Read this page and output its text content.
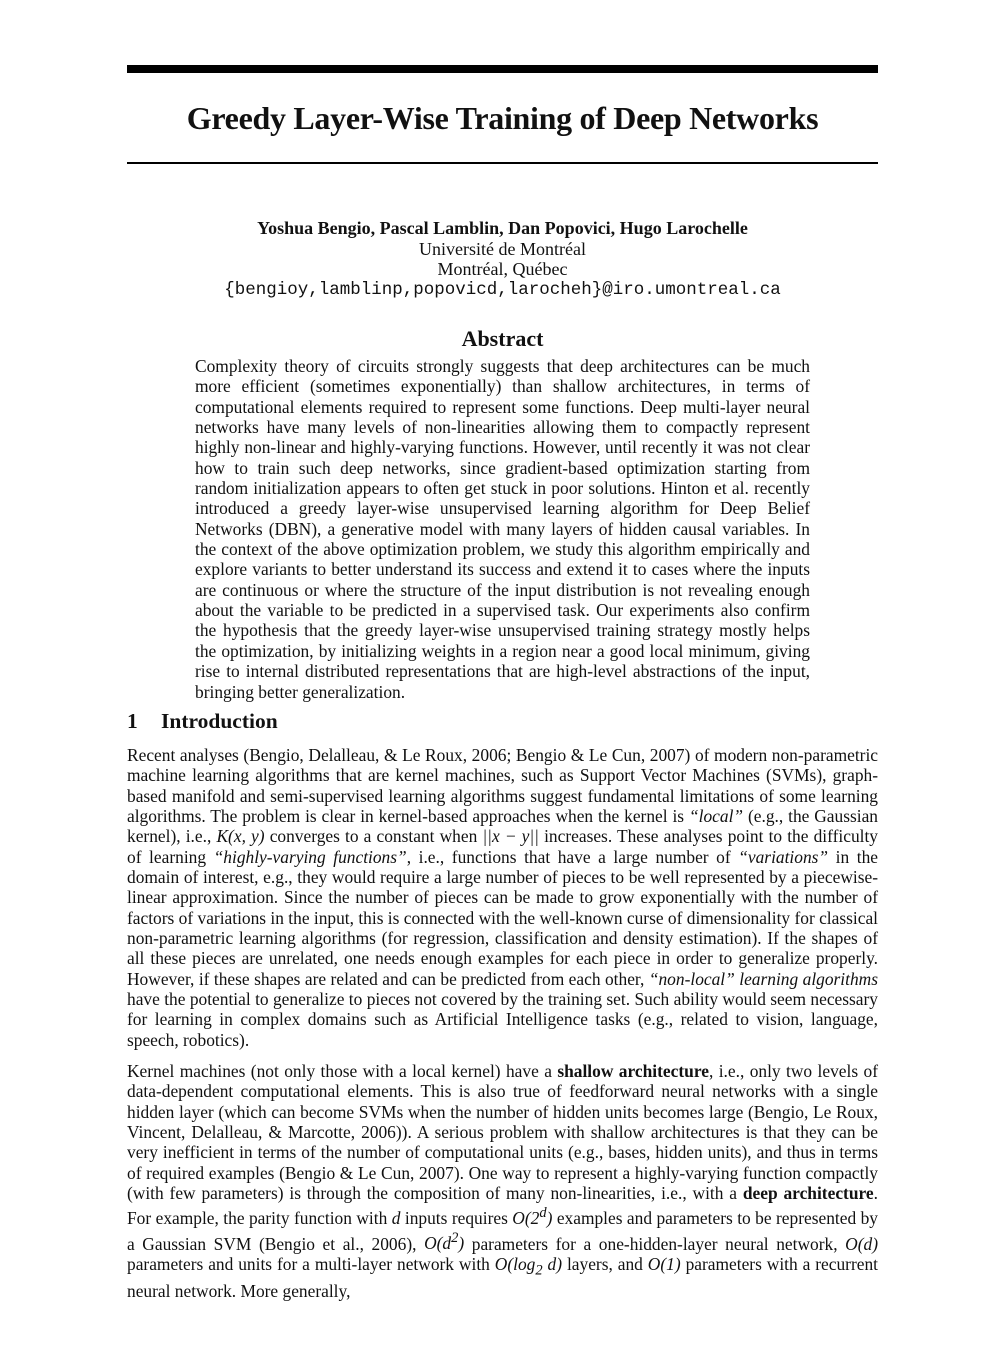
Greedy Layer-Wise Training of Deep Networks
Yoshua Bengio, Pascal Lamblin, Dan Popovici, Hugo Larochelle
Université de Montréal
Montréal, Québec
{bengioy,lamblinp,popovicd,larocheh}@iro.umontreal.ca
Abstract
Complexity theory of circuits strongly suggests that deep architectures can be much more efficient (sometimes exponentially) than shallow architectures, in terms of computational elements required to represent some functions. Deep multi-layer neural networks have many levels of non-linearities allowing them to compactly represent highly non-linear and highly-varying functions. However, until recently it was not clear how to train such deep networks, since gradient-based optimization starting from random initialization appears to often get stuck in poor solutions. Hinton et al. recently introduced a greedy layer-wise unsupervised learning algorithm for Deep Belief Networks (DBN), a generative model with many layers of hidden causal variables. In the context of the above optimization problem, we study this algorithm empirically and explore variants to better understand its success and extend it to cases where the inputs are continuous or where the structure of the input distribution is not revealing enough about the variable to be predicted in a supervised task. Our experiments also confirm the hypothesis that the greedy layer-wise unsupervised training strategy mostly helps the optimization, by initializing weights in a region near a good local minimum, giving rise to internal distributed representations that are high-level abstractions of the input, bringing better generalization.
1 Introduction
Recent analyses (Bengio, Delalleau, & Le Roux, 2006; Bengio & Le Cun, 2007) of modern non-parametric machine learning algorithms that are kernel machines, such as Support Vector Machines (SVMs), graph-based manifold and semi-supervised learning algorithms suggest fundamental limitations of some learning algorithms. The problem is clear in kernel-based approaches when the kernel is “local” (e.g., the Gaussian kernel), i.e., K(x, y) converges to a constant when ||x − y|| increases. These analyses point to the difficulty of learning “highly-varying functions”, i.e., functions that have a large number of “variations” in the domain of interest, e.g., they would require a large number of pieces to be well represented by a piecewise-linear approximation. Since the number of pieces can be made to grow exponentially with the number of factors of variations in the input, this is connected with the well-known curse of dimensionality for classical non-parametric learning algorithms (for regression, classification and density estimation). If the shapes of all these pieces are unrelated, one needs enough examples for each piece in order to generalize properly. However, if these shapes are related and can be predicted from each other, “non-local” learning algorithms have the potential to generalize to pieces not covered by the training set. Such ability would seem necessary for learning in complex domains such as Artificial Intelligence tasks (e.g., related to vision, language, speech, robotics).
Kernel machines (not only those with a local kernel) have a shallow architecture, i.e., only two levels of data-dependent computational elements. This is also true of feedforward neural networks with a single hidden layer (which can become SVMs when the number of hidden units becomes large (Bengio, Le Roux, Vincent, Delalleau, & Marcotte, 2006)). A serious problem with shallow architectures is that they can be very inefficient in terms of the number of computational units (e.g., bases, hidden units), and thus in terms of required examples (Bengio & Le Cun, 2007). One way to represent a highly-varying function compactly (with few parameters) is through the composition of many non-linearities, i.e., with a deep architecture. For example, the parity function with d inputs requires O(2$^d$) examples and parameters to be represented by a Gaussian SVM (Bengio et al., 2006), $O(d^2)$ parameters for a one-hidden-layer neural network, O(d) parameters and units for a multi-layer network with $O(\log_2$ d) layers, and O(1) parameters with a recurrent neural network. More generally,
